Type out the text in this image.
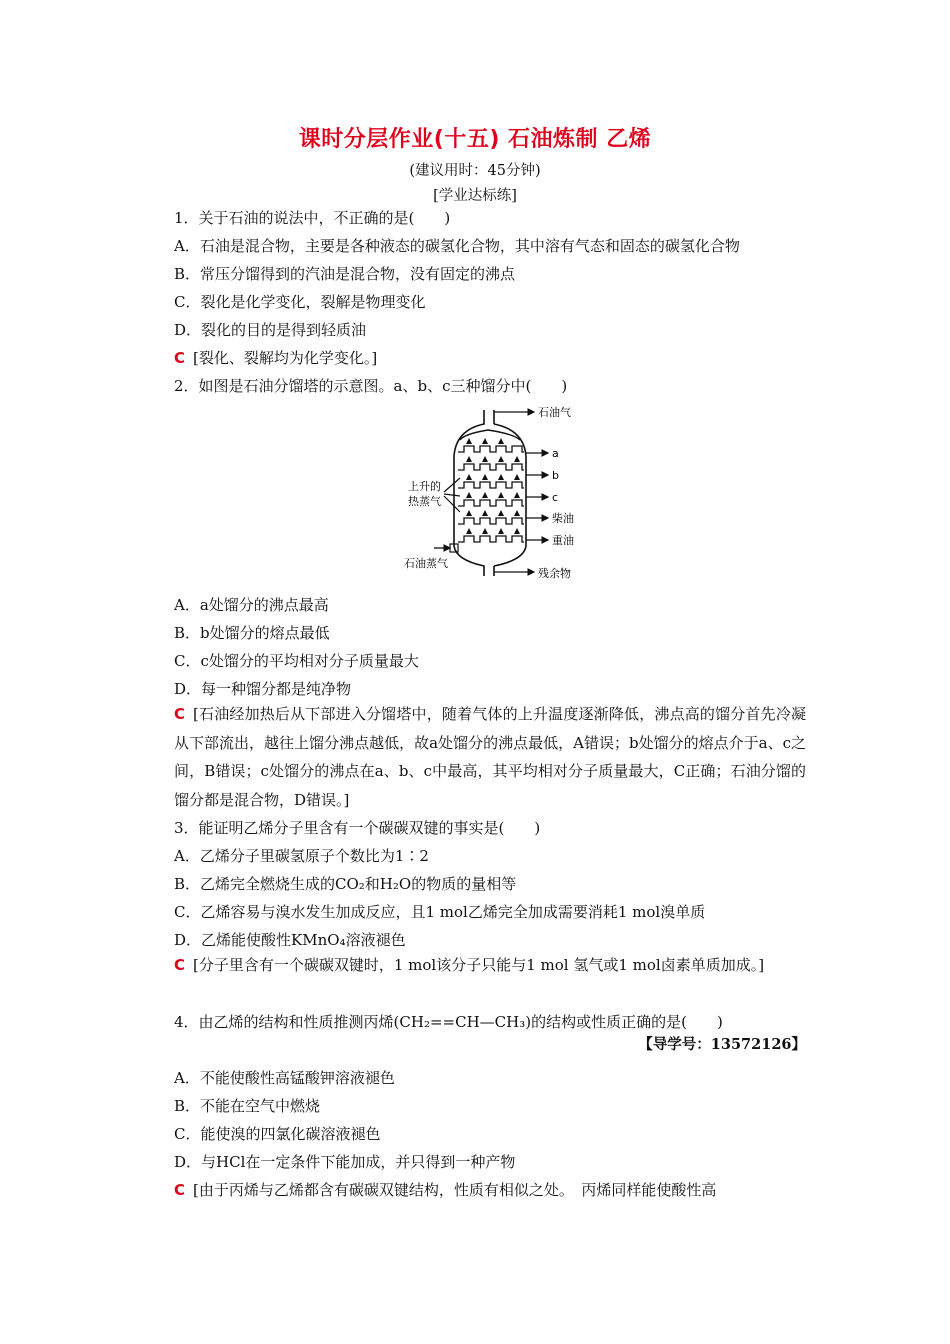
课时分层作业(十五) 石油炼制 乙烯
(建议用时：45分钟)
[学业达标练]
1．关于石油的说法中，不正确的是(　　)
A．石油是混合物，主要是各种液态的碳氢化合物，其中溶有气态和固态的碳氢化合物
B．常压分馏得到的汽油是混合物，没有固定的沸点
C．裂化是化学变化，裂解是物理变化
D．裂化的目的是得到轻质油
C [裂化、裂解均为化学变化。]
2．如图是石油分馏塔的示意图。a、b、c三种馏分中(　　)
石油气
a
b
c
柴油
重油
残余物
上升的
热蒸气
石油蒸气
A．a处馏分的沸点最高
B．b处馏分的熔点最低
C．c处馏分的平均相对分子质量最大
D．每一种馏分都是纯净物
C [石油经加热后从下部进入分馏塔中，随着气体的上升温度逐渐降低，沸点高的馏分首先冷凝从下部流出，越往上馏分沸点越低，故a处馏分的沸点最低，A错误；b处馏分的熔点介于a、c之间，B错误；c处馏分的沸点在a、b、c中最高，其平均相对分子质量最大，C正确；石油分馏的馏分都是混合物，D错误。]
3．能证明乙烯分子里含有一个碳碳双键的事实是(　　)
A．乙烯分子里碳氢原子个数比为1∶2
B．乙烯完全燃烧生成的CO₂和H₂O的物质的量相等
C．乙烯容易与溴水发生加成反应，且1 mol乙烯完全加成需要消耗1 mol溴单质
D．乙烯能使酸性KMnO₄溶液褪色
C [分子里含有一个碳碳双键时，1 mol该分子只能与1 mol 氢气或1 mol卤素单质加成。]
4．由乙烯的结构和性质推测丙烯(CH₂==CH—CH₃)的结构或性质正确的是(　　)
【导学号：13572126】
A．不能使酸性高锰酸钾溶液褪色
B．不能在空气中燃烧
C．能使溴的四氯化碳溶液褪色
D．与HCl在一定条件下能加成，并只得到一种产物
C [由于丙烯与乙烯都含有碳碳双键结构，性质有相似之处。　丙烯同样能使酸性高
